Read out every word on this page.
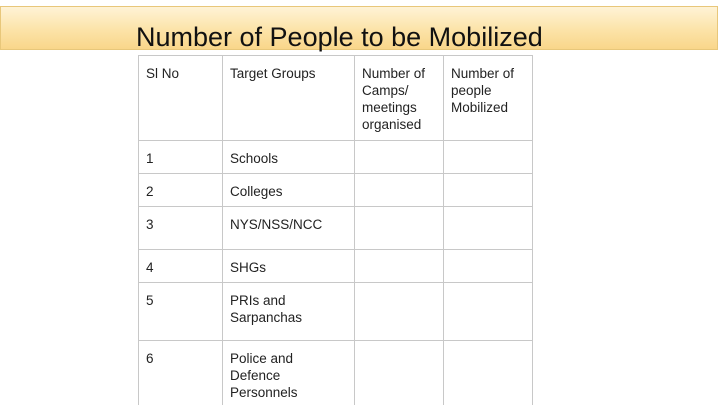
Number of People to be Mobilized
Sl No	Target Groups	Number of Camps/ meetings organised	Number of people Mobilized
1	Schools		
2	Colleges		
3	NYS/NSS/NCC		
4	SHGs		
5	PRIs and Sarpanchas		
6	Police and Defence Personnels		
